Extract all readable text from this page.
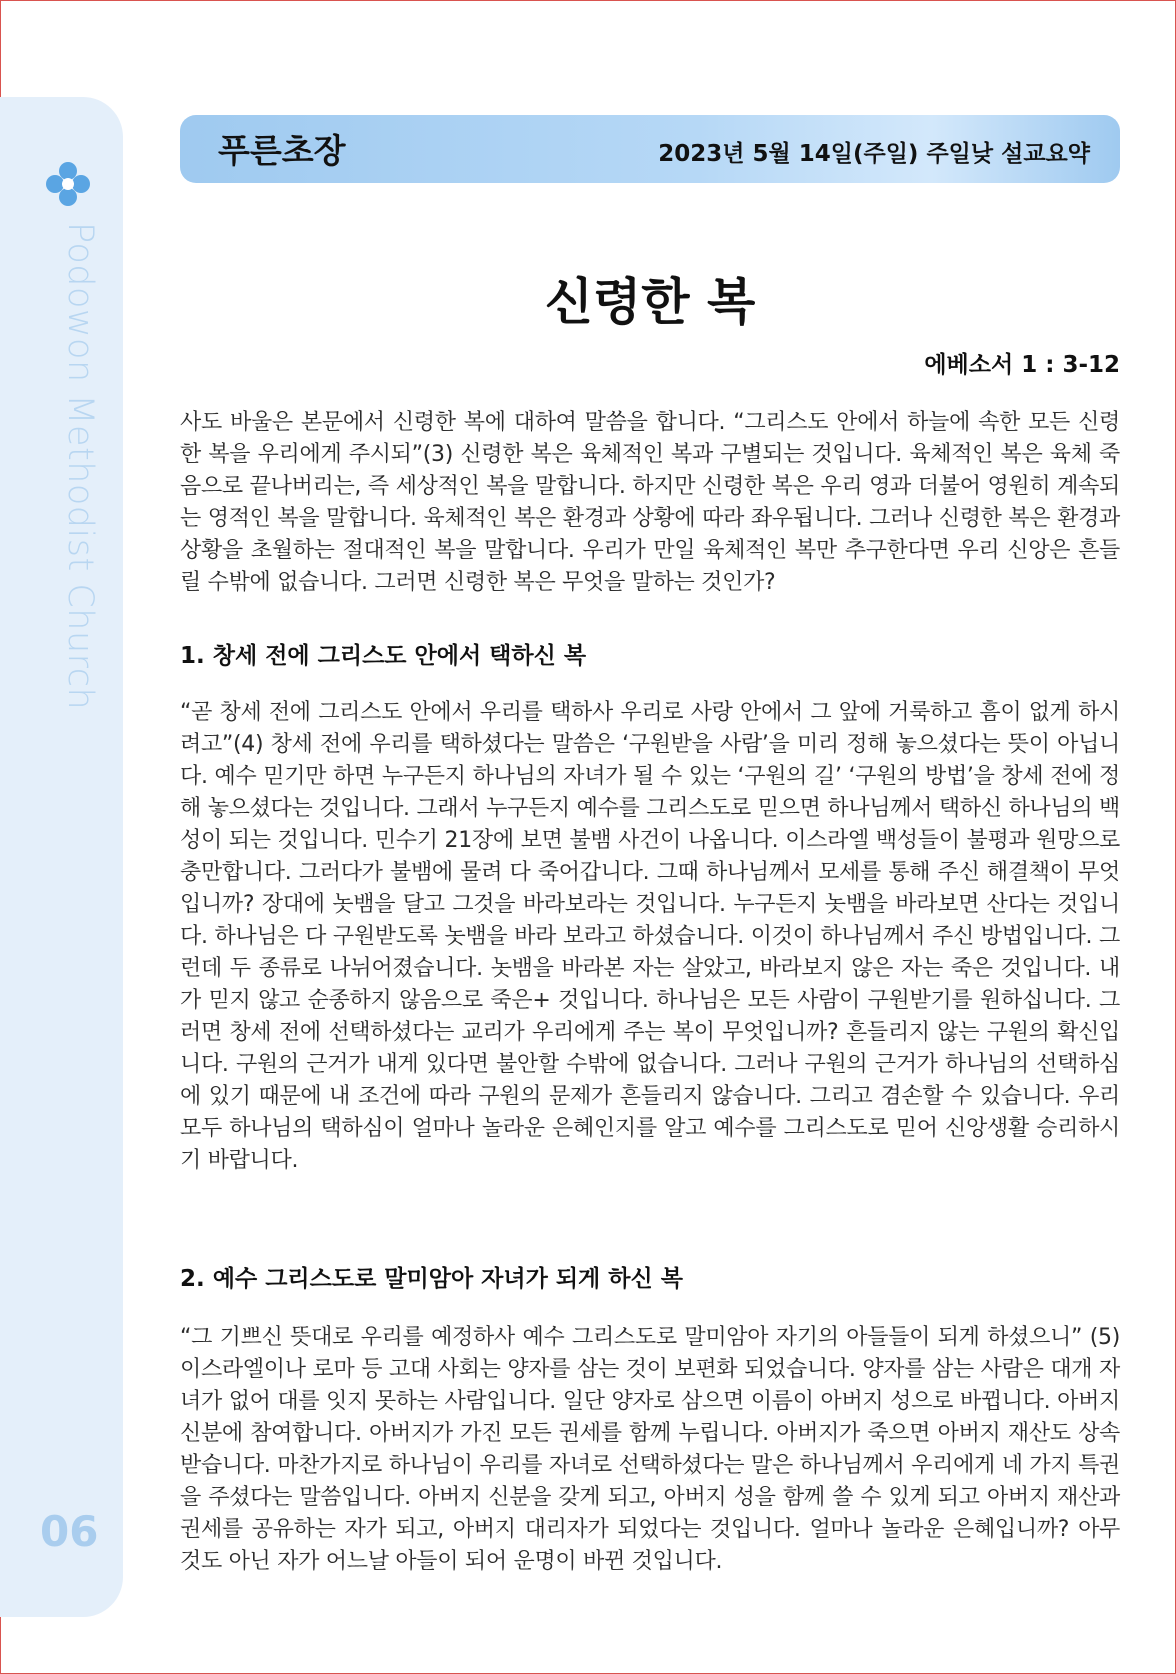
Podowon Methodist Church
06
푸른초장	2023년 5월 14일(주일) 주일낮 설교요약
신령한 복
에베소서 1 : 3-12

사도 바울은 본문에서 신령한 복에 대하여 말씀을 합니다. “그리스도 안에서 하늘에 속한 모든 신령한 복을 우리에게 주시되”(3) 신령한 복은 육체적인 복과 구별되는 것입니다. 육체적인 복은 육체 죽음으로 끝나버리는, 즉 세상적인 복을 말합니다. 하지만 신령한 복은 우리 영과 더불어 영원히 계속되는 영적인 복을 말합니다. 육체적인 복은 환경과 상황에 따라 좌우됩니다. 그러나 신령한 복은 환경과 상황을 초월하는 절대적인 복을 말합니다. 우리가 만일 육체적인 복만 추구한다면 우리 신앙은 흔들릴 수밖에 없습니다. 그러면 신령한 복은 무엇을 말하는 것인가?

1. 창세 전에 그리스도 안에서 택하신 복

“곧 창세 전에 그리스도 안에서 우리를 택하사 우리로 사랑 안에서 그 앞에 거룩하고 흠이 없게 하시려고”(4) 창세 전에 우리를 택하셨다는 말씀은 ‘구원받을 사람’을 미리 정해 놓으셨다는 뜻이 아닙니다. 예수 믿기만 하면 누구든지 하나님의 자녀가 될 수 있는 ‘구원의 길’ ‘구원의 방법’을 창세 전에 정해 놓으셨다는 것입니다. 그래서 누구든지 예수를 그리스도로 믿으면 하나님께서 택하신 하나님의 백성이 되는 것입니다. 민수기 21장에 보면 불뱀 사건이 나옵니다. 이스라엘 백성들이 불평과 원망으로 충만합니다. 그러다가 불뱀에 물려 다 죽어갑니다. 그때 하나님께서 모세를 통해 주신 해결책이 무엇입니까? 장대에 놋뱀을 달고 그것을 바라보라는 것입니다. 누구든지 놋뱀을 바라보면 산다는 것입니다. 하나님은 다 구원받도록 놋뱀을 바라 보라고 하셨습니다. 이것이 하나님께서 주신 방법입니다. 그런데 두 종류로 나뉘어졌습니다. 놋뱀을 바라본 자는 살았고, 바라보지 않은 자는 죽은 것입니다. 내가 믿지 않고 순종하지 않음으로 죽은+ 것입니다. 하나님은 모든 사람이 구원받기를 원하십니다. 그러면 창세 전에 선택하셨다는 교리가 우리에게 주는 복이 무엇입니까? 흔들리지 않는 구원의 확신입니다. 구원의 근거가 내게 있다면 불안할 수밖에 없습니다. 그러나 구원의 근거가 하나님의 선택하심에 있기 때문에 내 조건에 따라 구원의 문제가 흔들리지 않습니다. 그리고 겸손할 수 있습니다. 우리 모두 하나님의 택하심이 얼마나 놀라운 은혜인지를 알고 예수를 그리스도로 믿어 신앙생활 승리하시기 바랍니다.

2. 예수 그리스도로 말미암아 자녀가 되게 하신 복

“그 기쁘신 뜻대로 우리를 예정하사 예수 그리스도로 말미암아 자기의 아들들이 되게 하셨으니” (5) 이스라엘이나 로마 등 고대 사회는 양자를 삼는 것이 보편화 되었습니다. 양자를 삼는 사람은 대개 자녀가 없어 대를 잇지 못하는 사람입니다. 일단 양자로 삼으면 이름이 아버지 성으로 바뀝니다. 아버지 신분에 참여합니다. 아버지가 가진 모든 권세를 함께 누립니다. 아버지가 죽으면 아버지 재산도 상속받습니다. 마찬가지로 하나님이 우리를 자녀로 선택하셨다는 말은 하나님께서 우리에게 네 가지 특권을 주셨다는 말씀입니다. 아버지 신분을 갖게 되고, 아버지 성을 함께 쓸 수 있게 되고 아버지 재산과 권세를 공유하는 자가 되고, 아버지 대리자가 되었다는 것입니다. 얼마나 놀라운 은혜입니까? 아무 것도 아닌 자가 어느날 아들이 되어 운명이 바뀐 것입니다.
